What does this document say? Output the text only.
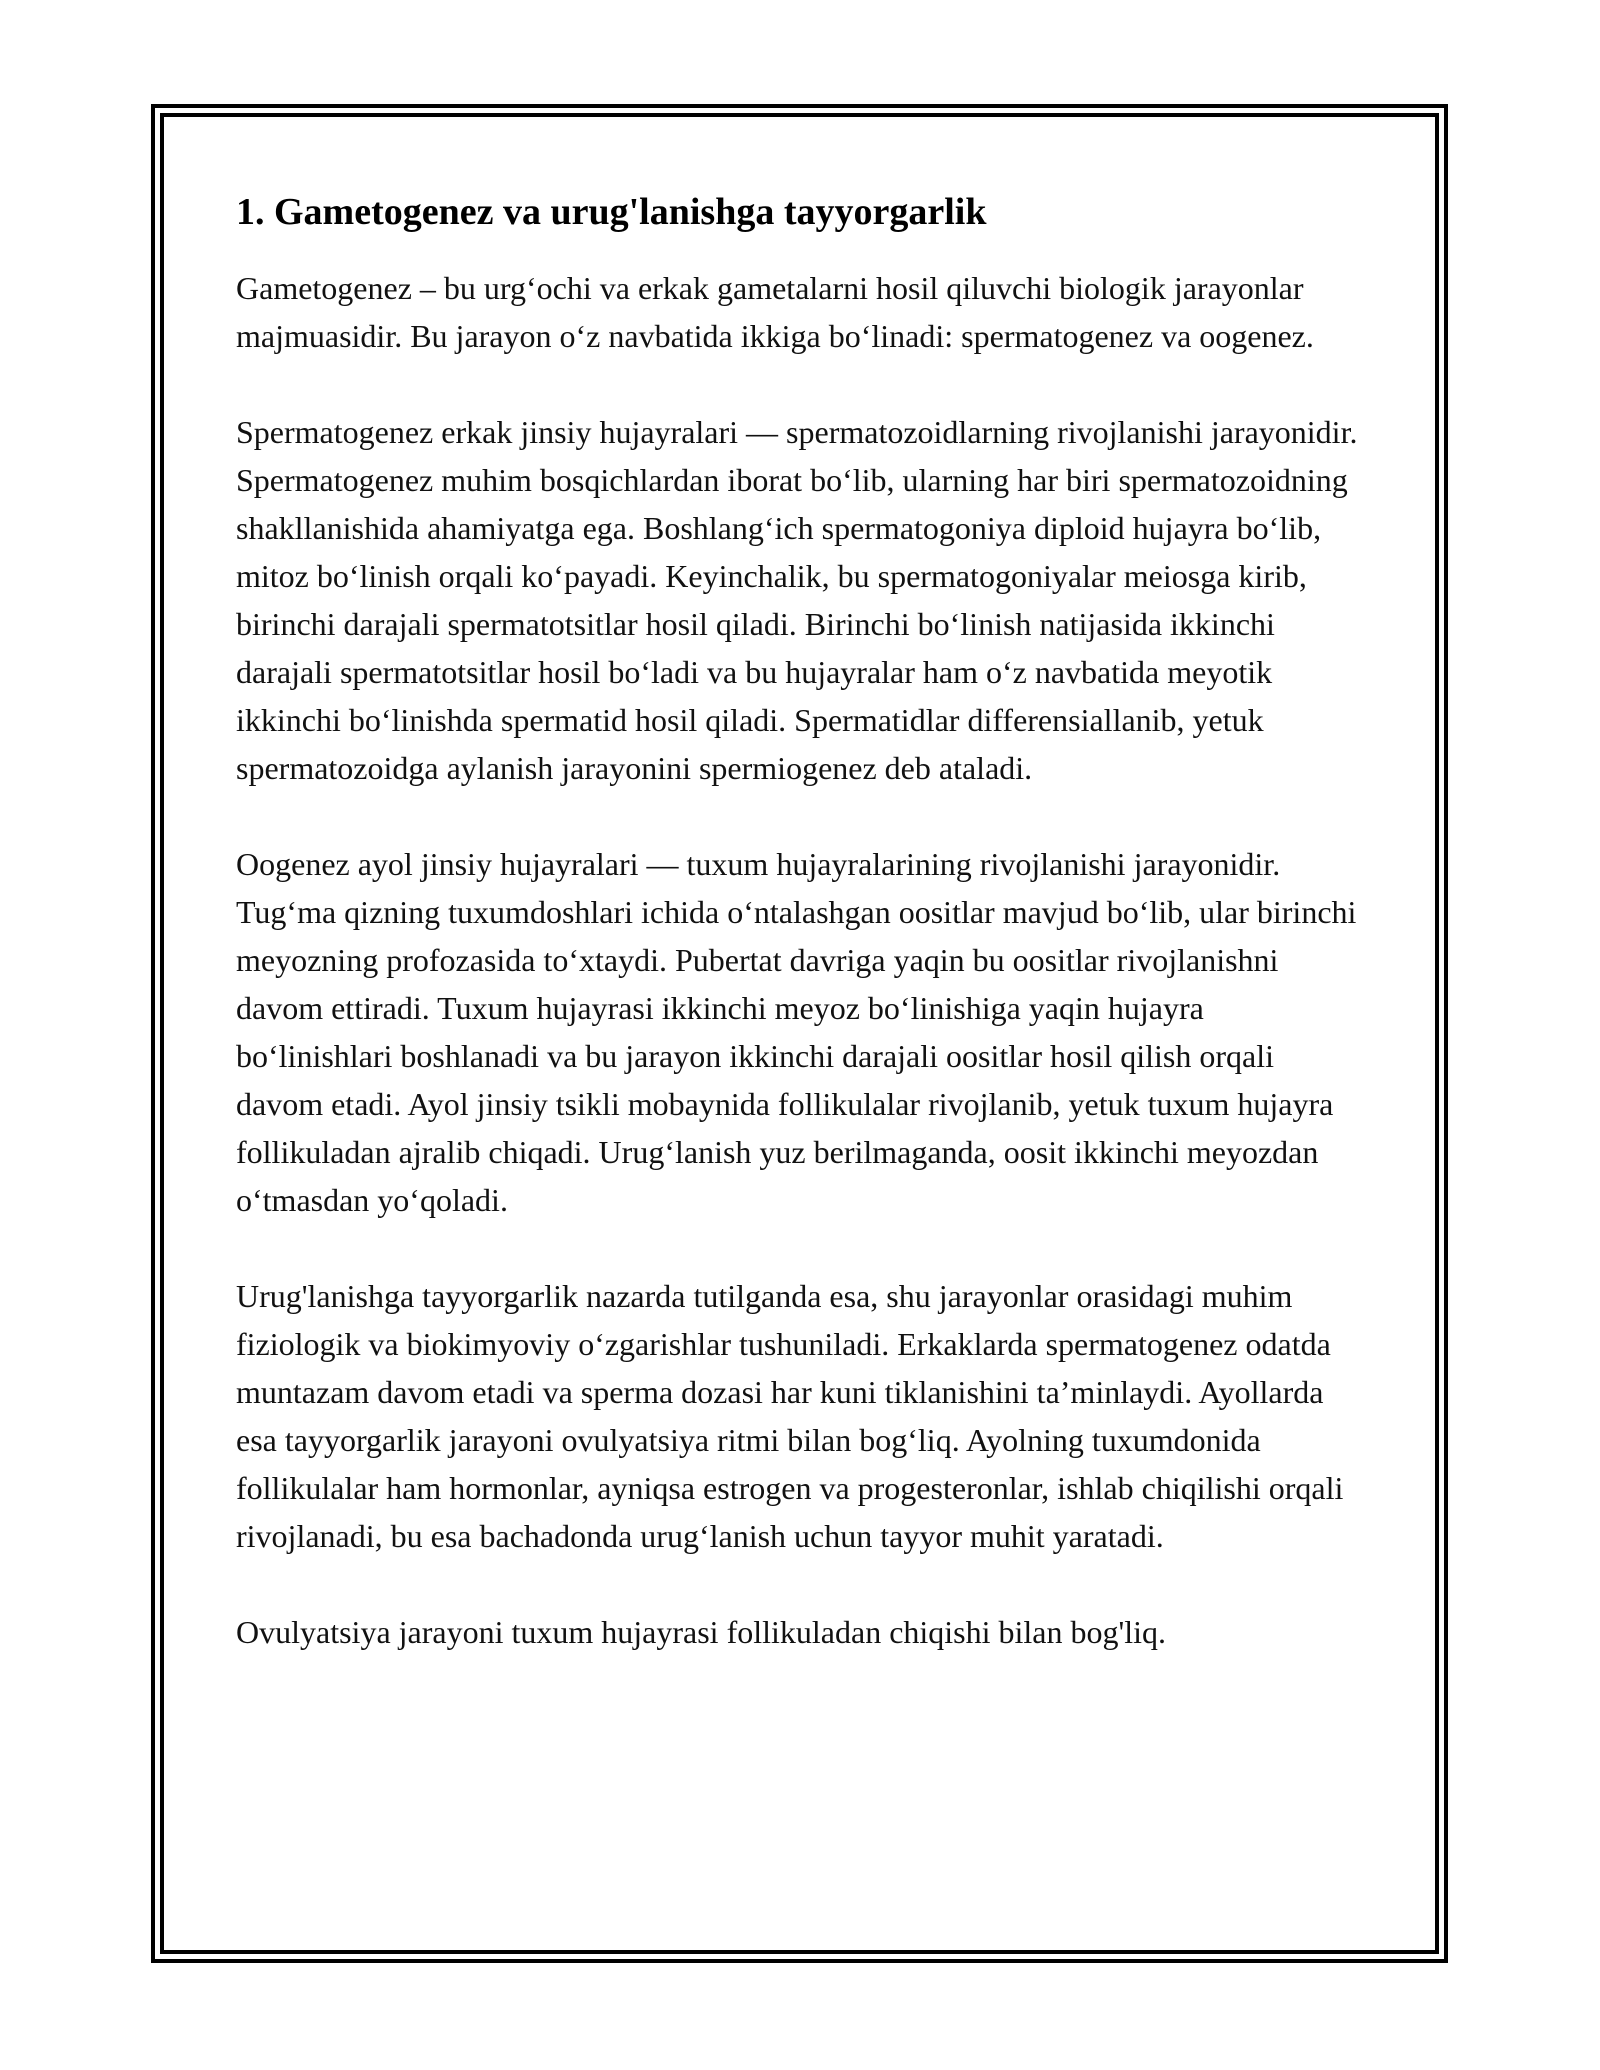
1. Gametogenez va urug'lanishga tayyorgarlik

Gametogenez – bu urg‘ochi va erkak gametalarni hosil qiluvchi biologik jarayonlar majmuasidir. Bu jarayon o‘z navbatida ikkiga bo‘linadi: spermatogenez va oogenez.

Spermatogenez erkak jinsiy hujayralari — spermatozoidlarning rivojlanishi jarayonidir. Spermatogenez muhim bosqichlardan iborat bo‘lib, ularning har biri spermatozoidning shakllanishida ahamiyatga ega. Boshlang‘ich spermatogoniya diploid hujayra bo‘lib, mitoz bo‘linish orqali ko‘payadi. Keyinchalik, bu spermatogoniyalar meiosga kirib, birinchi darajali spermatotsitlar hosil qiladi. Birinchi bo‘linish natijasida ikkinchi darajali spermatotsitlar hosil bo‘ladi va bu hujayralar ham o‘z navbatida meyotik ikkinchi bo‘linishda spermatid hosil qiladi. Spermatidlar differensiallanib, yetuk spermatozoidga aylanish jarayonini spermiogenez deb ataladi.

Oogenez ayol jinsiy hujayralari — tuxum hujayralarining rivojlanishi jarayonidir. Tug‘ma qizning tuxumdoshlari ichida o‘ntalashgan oositlar mavjud bo‘lib, ular birinchi meyozning profozasida to‘xtaydi. Pubertat davriga yaqin bu oositlar rivojlanishni davom ettiradi. Tuxum hujayrasi ikkinchi meyoz bo‘linishiga yaqin hujayra bo‘linishlari boshlanadi va bu jarayon ikkinchi darajali oositlar hosil qilish orqali davom etadi. Ayol jinsiy tsikli mobaynida follikulalar rivojlanib, yetuk tuxum hujayra follikuladan ajralib chiqadi. Urug‘lanish yuz berilmaganda, oosit ikkinchi meyozdan o‘tmasdan yo‘qoladi.

Urug'lanishga tayyorgarlik nazarda tutilganda esa, shu jarayonlar orasidagi muhim fiziologik va biokimyoviy o‘zgarishlar tushuniladi. Erkaklarda spermatogenez odatda muntazam davom etadi va sperma dozasi har kuni tiklanishini ta’minlaydi. Ayollarda esa tayyorgarlik jarayoni ovulyatsiya ritmi bilan bog‘liq. Ayolning tuxumdonida follikulalar ham hormonlar, ayniqsa estrogen va progesteronlar, ishlab chiqilishi orqali rivojlanadi, bu esa bachadonda urug‘lanish uchun tayyor muhit yaratadi.

Ovulyatsiya jarayoni tuxum hujayrasi follikuladan chiqishi bilan bog'liq.
